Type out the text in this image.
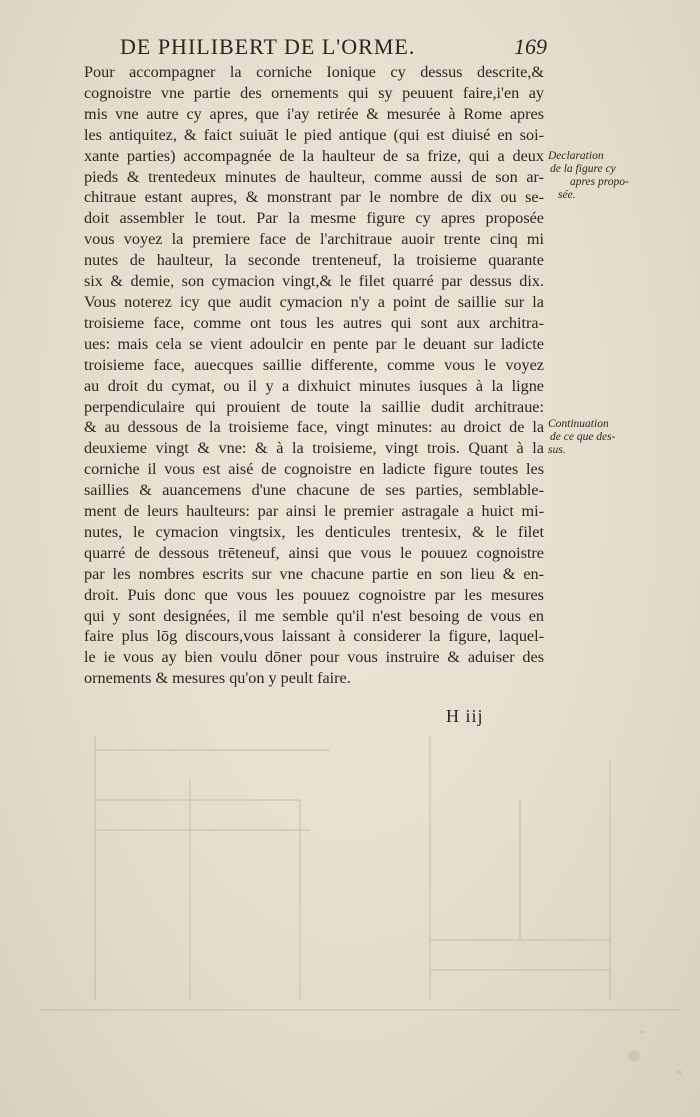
DE PHILIBERT DE L'ORME.	169
Pour accompagner la corniche Ionique cy dessus descrite,&
cognoistre vne partie des ornements qui sy peuuent faire,i'en ay
mis vne autre cy apres, que i'ay retirée & mesurée à Rome apres
les antiquitez, & faict suiuāt le pied antique (qui est diuisé en soi-
xante parties) accompagnée de la haulteur de sa frize, qui a deux
pieds & trentedeux minutes de haulteur, comme aussi de son ar-
chitraue estant aupres, & monstrant par le nombre de dix ou se-
doit assembler le tout. Par la mesme figure cy apres proposée
vous voyez la premiere face de l'architraue auoir trente cinq mi
nutes de haulteur, la seconde trenteneuf, la troisieme quarante
six & demie, son cymacion vingt,& le filet quarré par dessus dix.
Vous noterez icy que audit cymacion n'y a point de saillie sur la
troisieme face, comme ont tous les autres qui sont aux architra-
ues: mais cela se vient adoulcir en pente par le deuant sur ladicte
troisieme face, auecques saillie differente, comme vous le voyez
au droit du cymat, ou il y a dixhuict minutes iusques à la ligne
perpendiculaire qui prouient de toute la saillie dudit architraue:
& au dessous de la troisieme face, vingt minutes: au droict de la
deuxieme vingt & vne: & à la troisieme, vingt trois. Quant à la
corniche il vous est aisé de cognoistre en ladicte figure toutes les
saillies & auancemens d'une chacune de ses parties, semblable-
ment de leurs haulteurs: par ainsi le premier astragale a huict mi-
nutes, le cymacion vingtsix, les denticules trentesix, & le filet
quarré de dessous trēteneuf, ainsi que vous le pouuez cognoistre
par les nombres escrits sur vne chacune partie en son lieu & en-
droit. Puis donc que vous les pouuez cognoistre par les mesures
qui y sont designées, il me semble qu'il n'est besoing de vous en
faire plus lōg discours,vous laissant à considerer la figure, laquel-
le ie vous ay bien voulu dōner pour vous instruire & aduiser des
ornements & mesures qu'on y peult faire.
Declaration
de la figure cy
apres propo-
sée.
Continuation
de ce que des-
sus.
H iij
